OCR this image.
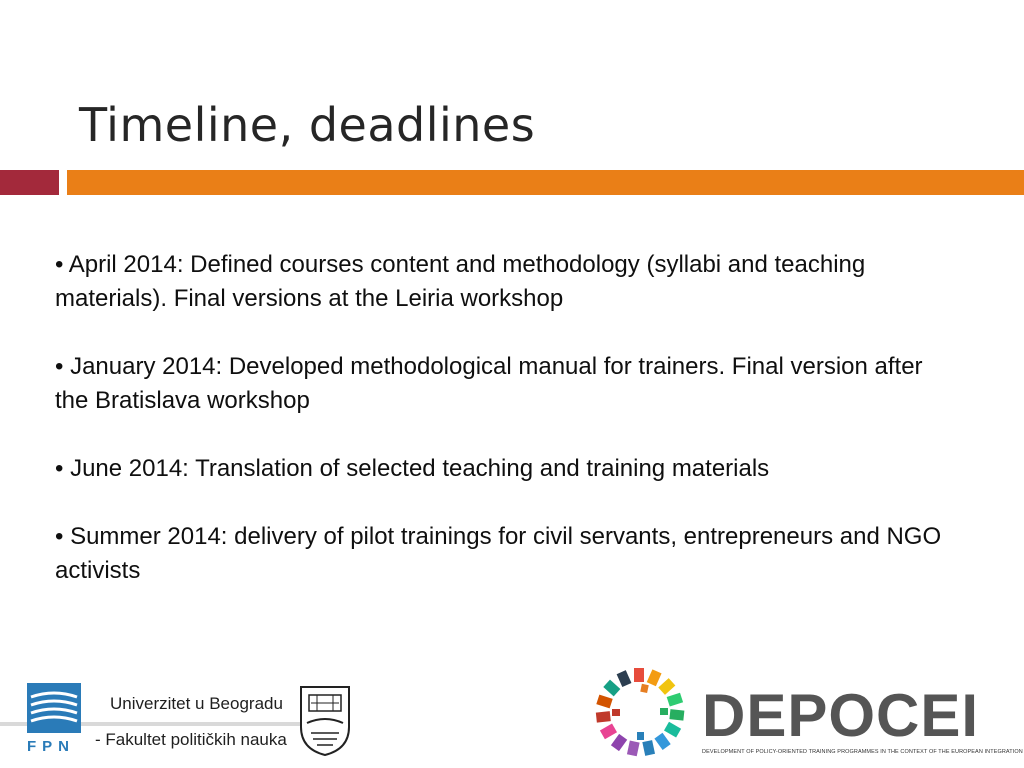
Timeline, deadlines

• April 2014: Defined courses content and methodology (syllabi and teaching materials). Final versions at the Leiria workshop

• January 2014: Developed methodological manual for trainers. Final version after the Bratislava workshop

• June 2014: Translation of selected teaching and training materials

• Summer 2014: delivery of pilot trainings for civil servants, entrepreneurs and NGO activists

FPN
Univerzitet u Beogradu
- Fakultet političkih nauka	DEPOCEI
DEVELOPMENT OF POLICY-ORIENTED TRAINING PROGRAMMES IN THE CONTEXT OF THE EUROPEAN INTEGRATION
